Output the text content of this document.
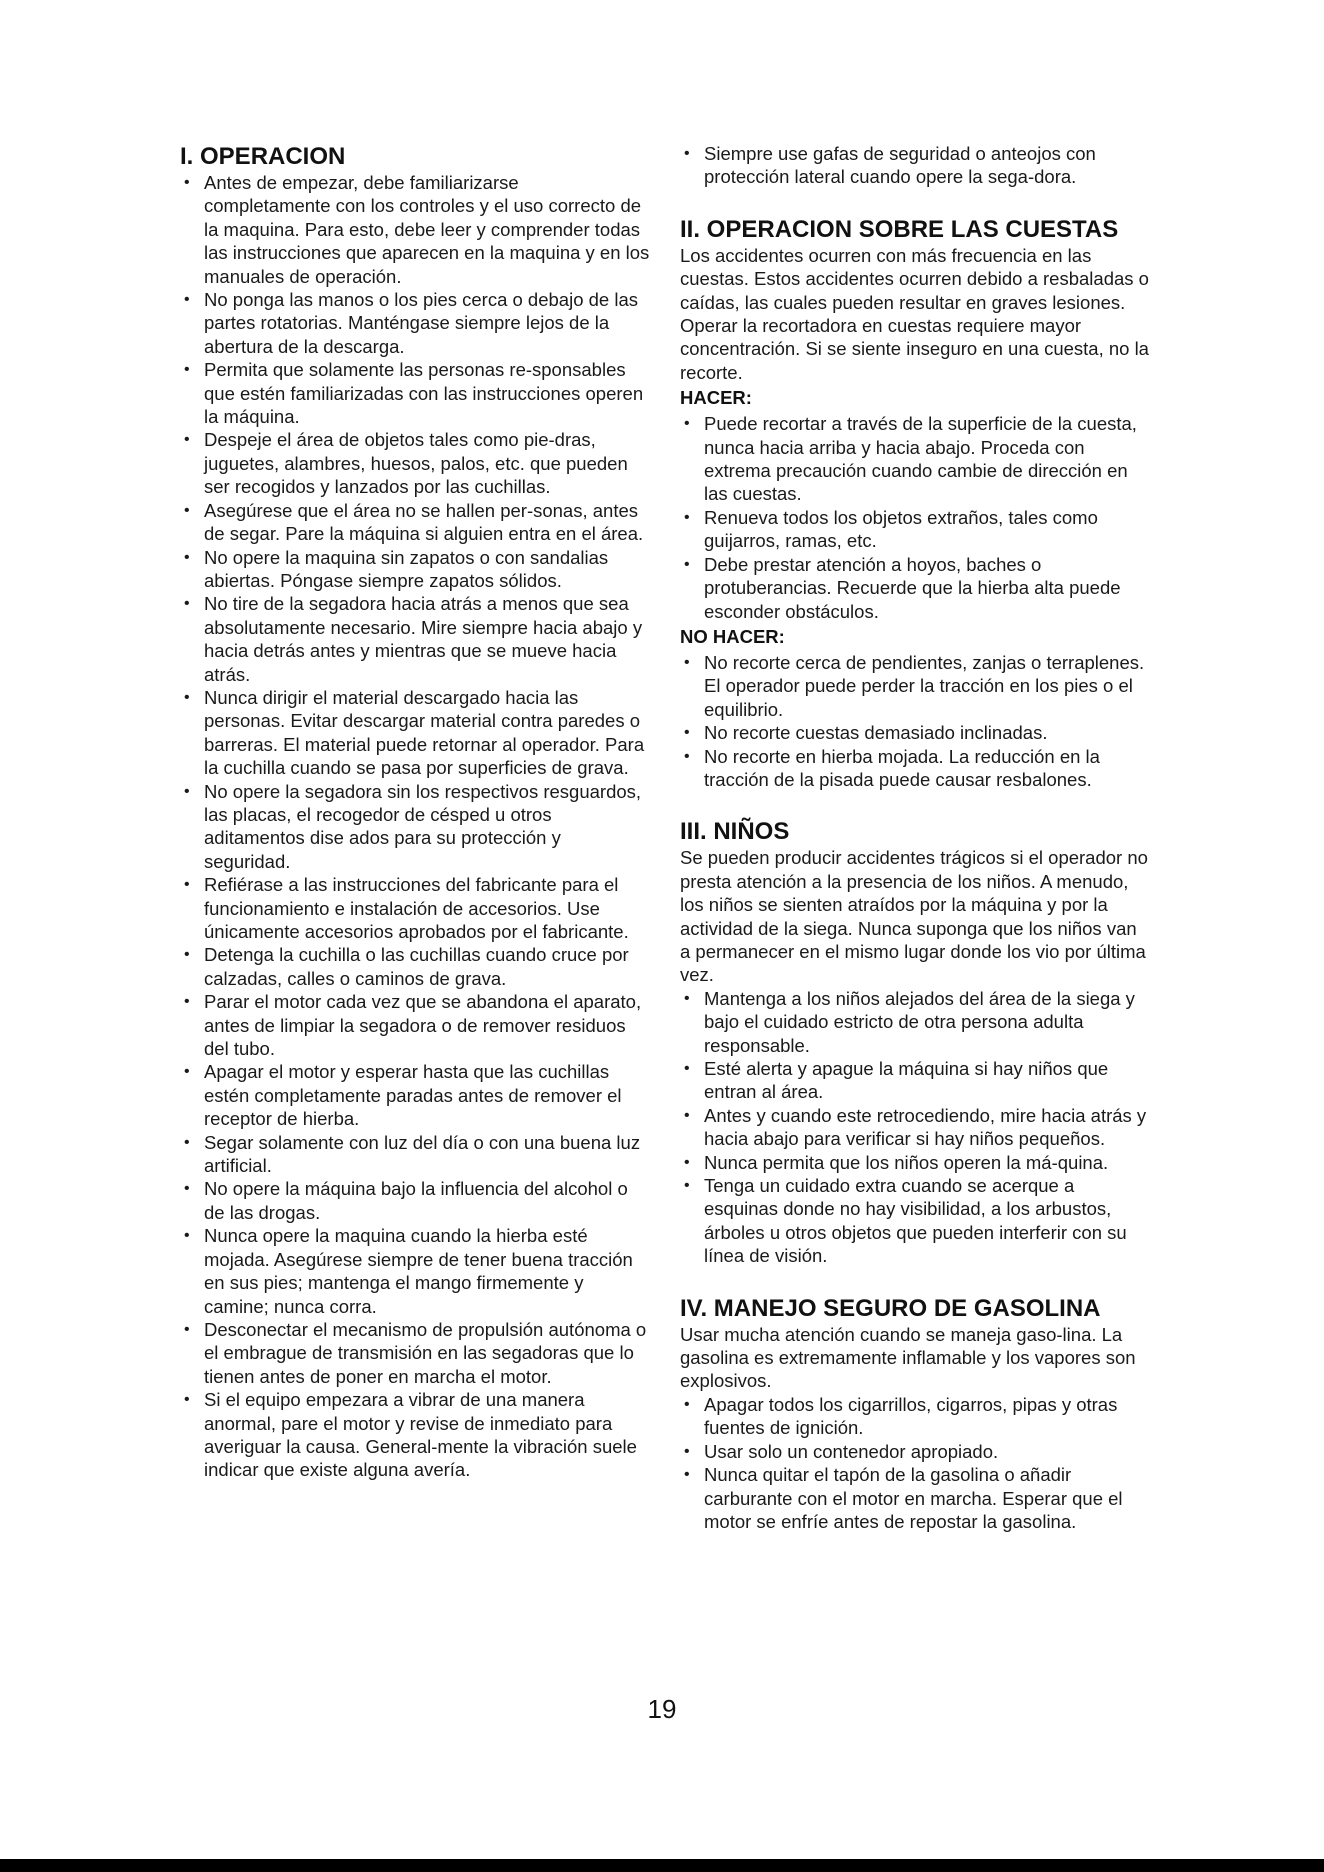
I. OPERACION
• Antes de empezar, debe familiarizarse completamente con los controles y el uso correcto de la maquina. Para esto, debe leer y comprender todas las instrucciones que aparecen en la maquina y en los manuales de operación.
• No ponga las manos o los pies cerca o debajo de las partes rotatorias. Manténgase siempre lejos de la abertura de la descarga.
• Permita que solamente las personas re-sponsables que estén familiarizadas con las instrucciones operen la máquina.
• Despeje el área de objetos tales como pie-dras, juguetes, alambres, huesos, palos, etc. que pueden ser recogidos y lanzados por las cuchillas.
• Asegúrese que el área no se hallen per-sonas, antes de segar. Pare la máquina si alguien entra en el área.
• No opere la maquina sin zapatos o con sandalias abiertas. Póngase siempre zapatos sólidos.
• No tire de la segadora hacia atrás a menos que sea absolutamente necesario. Mire siempre hacia abajo y hacia detrás antes y mientras que se mueve hacia atrás.
• Nunca dirigir el material descargado hacia las personas. Evitar descargar material contra paredes o barreras. El material puede retornar al operador. Para la cuchilla cuando se pasa por superficies de grava.
• No opere la segadora sin los respectivos resguardos, las placas, el recogedor de césped u otros aditamentos dise ados para su protección y seguridad.
• Refiérase a las instrucciones del fabricante para el funcionamiento e instalación de accesorios. Use únicamente accesorios aprobados por el fabricante.
• Detenga la cuchilla o las cuchillas cuando cruce por calzadas, calles o caminos de grava.
• Parar el motor cada vez que se abandona el aparato, antes de limpiar la segadora o de remover residuos del tubo.
• Apagar el motor y esperar hasta que las cuchillas estén completamente paradas antes de remover el receptor de hierba.
• Segar solamente con luz del día o con una buena luz artificial.
• No opere la máquina bajo la influencia del alcohol o de las drogas.
• Nunca opere la maquina cuando la hierba esté mojada. Asegúrese siempre de tener buena tracción en sus pies; mantenga el mango firmemente y camine; nunca corra.
• Desconectar el mecanismo de propulsión autónoma o el embrague de transmisión en las segadoras que lo tienen antes de poner en marcha el motor.
• Si el equipo empezara a vibrar de una manera anormal, pare el motor y revise de inmediato para averiguar la causa. General-mente la vibración suele indicar que existe alguna avería.
• Siempre use gafas de seguridad o anteojos con protección lateral cuando opere la sega-dora.
II. OPERACION SOBRE LAS CUESTAS

Los accidentes ocurren con más frecuencia en las cuestas. Estos accidentes ocurren debido a resbaladas o caídas, las cuales pueden resultar en graves lesiones. Operar la recortadora en cuestas requiere mayor concentración. Si se siente inseguro en una cuesta, no la recorte.

HACER:
• Puede recortar a través de la superficie de la cuesta, nunca hacia arriba y hacia abajo. Proceda con extrema precaución cuando cambie de dirección en las cuestas.
• Renueva todos los objetos extraños, tales como guijarros, ramas, etc.
• Debe prestar atención a hoyos, baches o protuberancias. Recuerde que la hierba alta puede esconder obstáculos.
NO HACER:
• No recorte cerca de pendientes, zanjas o terraplenes. El operador puede perder la tracción en los pies o el equilibrio.
• No recorte cuestas demasiado inclinadas.
• No recorte en hierba mojada. La reducción en la tracción de la pisada puede causar resbalones.
III. NIÑOS

Se pueden producir accidentes trágicos si el operador no presta atención a la presencia de los niños. A menudo, los niños se sienten atraídos por la máquina y por la actividad de la siega. Nunca suponga que los niños van a permanecer en el mismo lugar donde los vio por última vez.

• Mantenga a los niños alejados del área de la siega y bajo el cuidado estricto de otra persona adulta responsable.
• Esté alerta y apague la máquina si hay niños que entran al área.
• Antes y cuando este retrocediendo, mire hacia atrás y hacia abajo para verificar si hay niños pequeños.
• Nunca permita que los niños operen la má-quina.
• Tenga un cuidado extra cuando se acerque a esquinas donde no hay visibilidad, a los arbustos, árboles u otros objetos que pueden interferir con su línea de visión.
IV. MANEJO SEGURO DE GASOLINA

Usar mucha atención cuando se maneja gaso-lina. La gasolina es extremamente inflamable y los vapores son explosivos.

• Apagar todos los cigarrillos, cigarros, pipas y otras fuentes de ignición.
• Usar solo un contenedor apropiado.
• Nunca quitar el tapón de la gasolina o añadir carburante con el motor en marcha. Esperar que el motor se enfríe antes de repostar la gasolina.
19
